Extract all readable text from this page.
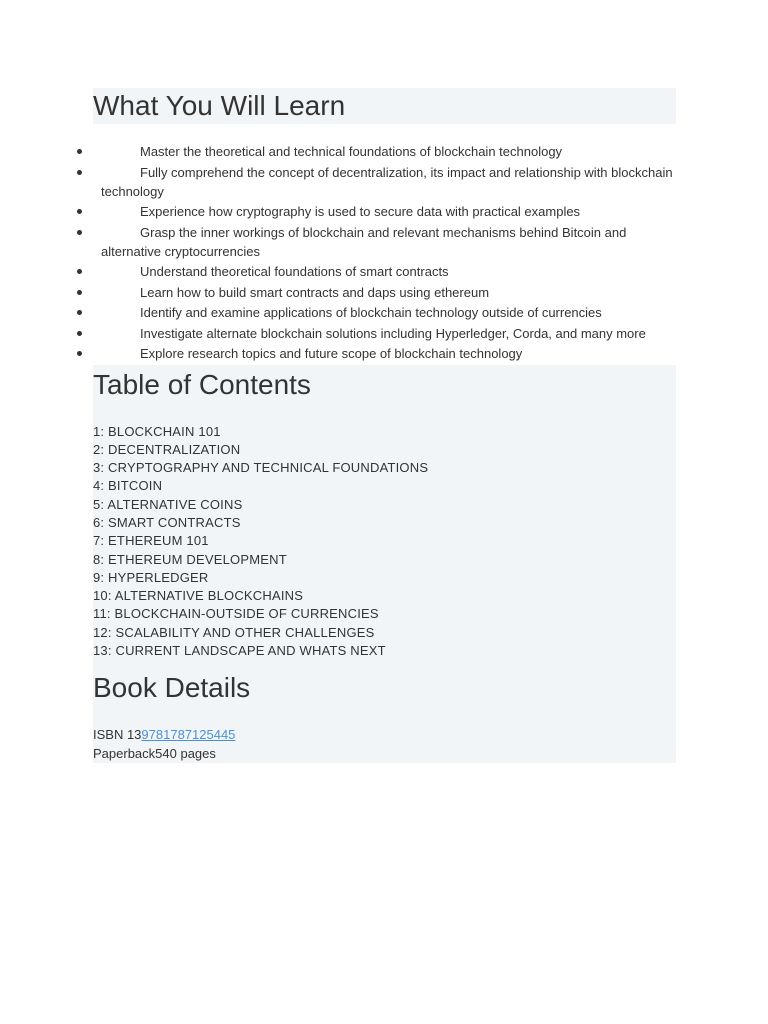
What You Will Learn
Master the theoretical and technical foundations of blockchain technology
Fully comprehend the concept of decentralization, its impact and relationship with blockchain technology
Experience how cryptography is used to secure data with practical examples
Grasp the inner workings of blockchain and relevant mechanisms behind Bitcoin and alternative cryptocurrencies
Understand theoretical foundations of smart contracts
Learn how to build smart contracts and daps using ethereum
Identify and examine applications of blockchain technology outside of currencies
Investigate alternate blockchain solutions including Hyperledger, Corda, and many more
Explore research topics and future scope of blockchain technology
Table of Contents
1: BLOCKCHAIN 101
2: DECENTRALIZATION
3: CRYPTOGRAPHY AND TECHNICAL FOUNDATIONS
4: BITCOIN
5: ALTERNATIVE COINS
6: SMART CONTRACTS
7: ETHEREUM 101
8: ETHEREUM DEVELOPMENT
9: HYPERLEDGER
10: ALTERNATIVE BLOCKCHAINS
11: BLOCKCHAIN-OUTSIDE OF CURRENCIES
12: SCALABILITY AND OTHER CHALLENGES
13: CURRENT LANDSCAPE AND WHATS NEXT
Book Details
ISBN 139781787125445
Paperback540 pages
